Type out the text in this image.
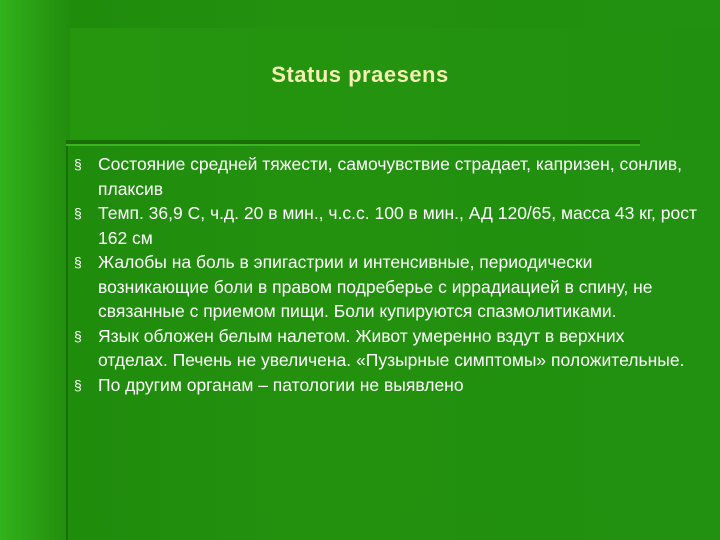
Status praesens
§ Состояние средней тяжести, самочувствие страдает, капризен, сонлив, плаксив
§ Темп. 36,9 С, ч.д. 20 в мин., ч.с.с. 100 в мин., АД 120/65, масса 43 кг, рост 162 см
§ Жалобы на боль в эпигастрии и интенсивные, периодически возникающие боли в правом подреберье с иррадиацией в спину, не связанные с приемом пищи. Боли купируются спазмолитиками.
§ Язык обложен белым налетом. Живот умеренно вздут в верхних отделах. Печень не увеличена. «Пузырные симптомы» положительные.
§ По другим органам – патологии не выявлено
